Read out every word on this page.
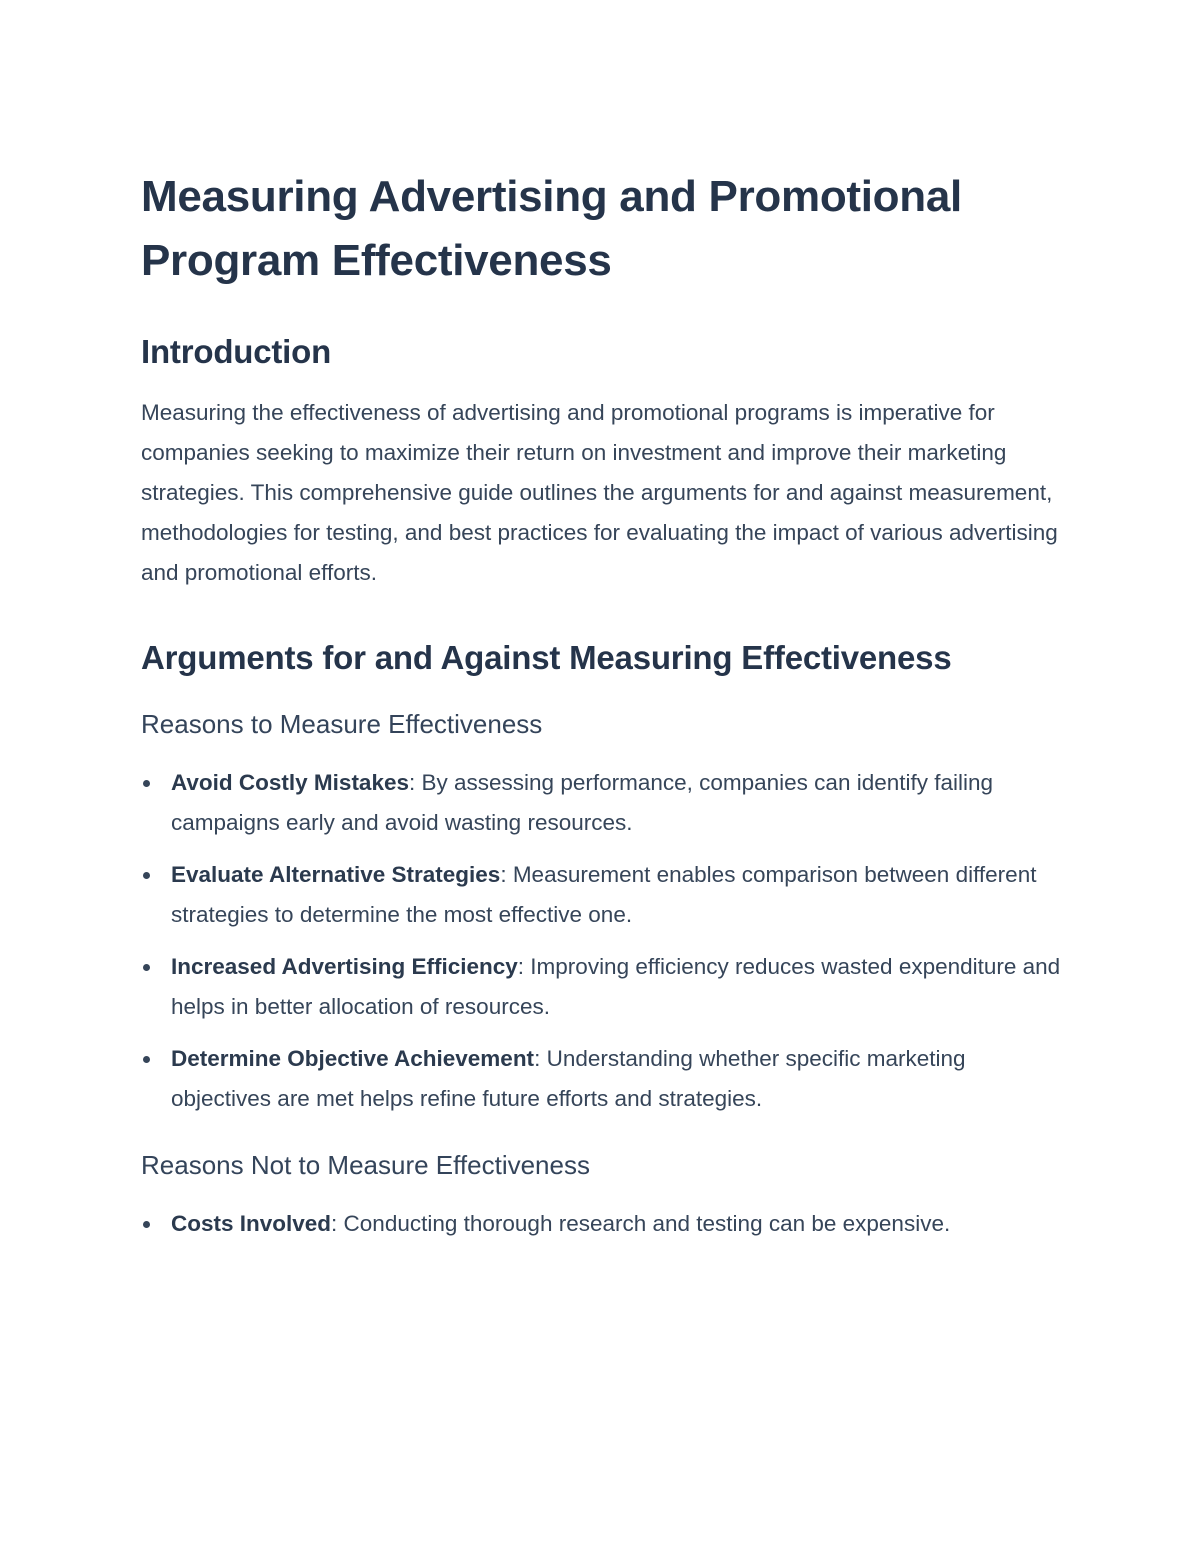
Measuring Advertising and Promotional Program Effectiveness
Introduction

Measuring the effectiveness of advertising and promotional programs is imperative for companies seeking to maximize their return on investment and improve their marketing strategies. This comprehensive guide outlines the arguments for and against measurement, methodologies for testing, and best practices for evaluating the impact of various advertising and promotional efforts.

Arguments for and Against Measuring Effectiveness
Reasons to Measure Effectiveness
Avoid Costly Mistakes: By assessing performance, companies can identify failing campaigns early and avoid wasting resources.
Evaluate Alternative Strategies: Measurement enables comparison between different strategies to determine the most effective one.
Increased Advertising Efficiency: Improving efficiency reduces wasted expenditure and helps in better allocation of resources.
Determine Objective Achievement: Understanding whether specific marketing objectives are met helps refine future efforts and strategies.
Reasons Not to Measure Effectiveness
Costs Involved: Conducting thorough research and testing can be expensive.
